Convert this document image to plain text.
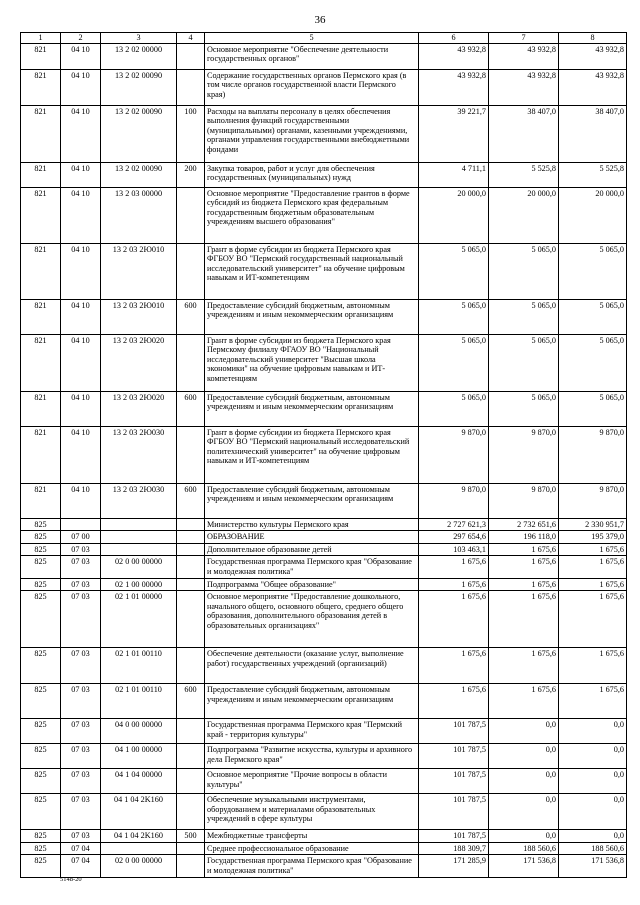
36
1	2	3	4	5	6	7	8
821	04 10	13 2 02 00000		Основное мероприятие "Обеспечение деятельности государственных органов"	43 932,8	43 932,8	43 932,8
821	04 10	13 2 02 00090		Содержание государственных органов Пермского края (в том числе органов государственной власти Пермского края)	43 932,8	43 932,8	43 932,8
821	04 10	13 2 02 00090	100	Расходы на выплаты персоналу в целях обеспечения выполнения функций государственными (муниципальными) органами, казенными учреждениями, органами управления государственными внебюджетными фондами	39 221,7	38 407,0	38 407,0
821	04 10	13 2 02 00090	200	Закупка товаров, работ и услуг для обеспечения государственных (муниципальных) нужд	4 711,1	5 525,8	5 525,8
821	04 10	13 2 03 00000		Основное мероприятие "Предоставление грантов в форме субсидий из бюджета Пермского края федеральным государственным бюджетным образовательным учреждениям высшего образования"	20 000,0	20 000,0	20 000,0
821	04 10	13 2 03 2Ю010		Грант в форме субсидии из бюджета Пермского края ФГБОУ ВО "Пермский государственный национальный исследовательский университет" на обучение цифровым навыкам и ИТ-компетенциям	5 065,0	5 065,0	5 065,0
821	04 10	13 2 03 2Ю010	600	Предоставление субсидий бюджетным, автономным учреждениям и иным некоммерческим организациям	5 065,0	5 065,0	5 065,0
821	04 10	13 2 03 2Ю020		Грант в форме субсидии из бюджета Пермского края Пермскому филиалу ФГАОУ ВО "Национальный исследовательский университет "Высшая школа экономики" на обучение цифровым навыкам и ИТ-компетенциям	5 065,0	5 065,0	5 065,0
821	04 10	13 2 03 2Ю020	600	Предоставление субсидий бюджетным, автономным учреждениям и иным некоммерческим организациям	5 065,0	5 065,0	5 065,0
821	04 10	13 2 03 2Ю030		Грант в форме субсидии из бюджета Пермского края ФГБОУ ВО "Пермский национальный исследовательский политехнический университет" на обучение цифровым навыкам и ИТ-компетенциям	9 870,0	9 870,0	9 870,0
821	04 10	13 2 03 2Ю030	600	Предоставление субсидий бюджетным, автономным учреждениям и иным некоммерческим организациям	9 870,0	9 870,0	9 870,0
825				Министерство культуры Пермского края	2 727 621,3	2 732 651,6	2 330 951,7
825	07 00			ОБРАЗОВАНИЕ	297 654,6	196 118,0	195 379,0
825	07 03			Дополнительное образование детей	103 463,1	1 675,6	1 675,6
825	07 03	02 0 00 00000		Государственная программа Пермского края "Образование и молодежная политика"	1 675,6	1 675,6	1 675,6
825	07 03	02 1 00 00000		Подпрограмма "Общее образование"	1 675,6	1 675,6	1 675,6
825	07 03	02 1 01 00000		Основное мероприятие "Предоставление дошкольного, начального общего, основного общего, среднего общего образования, дополнительного образования детей в образовательных организациях"	1 675,6	1 675,6	1 675,6
825	07 03	02 1 01 00110		Обеспечение деятельности (оказание услуг, выполнение работ) государственных учреждений (организаций)	1 675,6	1 675,6	1 675,6
825	07 03	02 1 01 00110	600	Предоставление субсидий бюджетным, автономным учреждениям и иным некоммерческим организациям	1 675,6	1 675,6	1 675,6
825	07 03	04 0 00 00000		Государственная программа Пермского края "Пермский край - территория культуры"	101 787,5	0,0	0,0
825	07 03	04 1 00 00000		Подпрограмма "Развитие искусства, культуры и архивного дела Пермского края"	101 787,5	0,0	0,0
825	07 03	04 1 04 00000		Основное мероприятие "Прочие вопросы в области культуры"	101 787,5	0,0	0,0
825	07 03	04 1 04 2K160		Обеспечение музыкальными инструментами, оборудованием и материалами образовательных учреждений в сфере культуры	101 787,5	0,0	0,0
825	07 03	04 1 04 2K160	500	Межбюджетные трансферты	101 787,5	0,0	0,0
825	07 04			Среднее профессиональное образование	188 309,7	188 560,6	188 560,6
825	07 04	02 0 00 00000		Государственная программа Пермского края "Образование и молодежная политика"	171 285,9	171 536,8	171 536,8
5148-20
